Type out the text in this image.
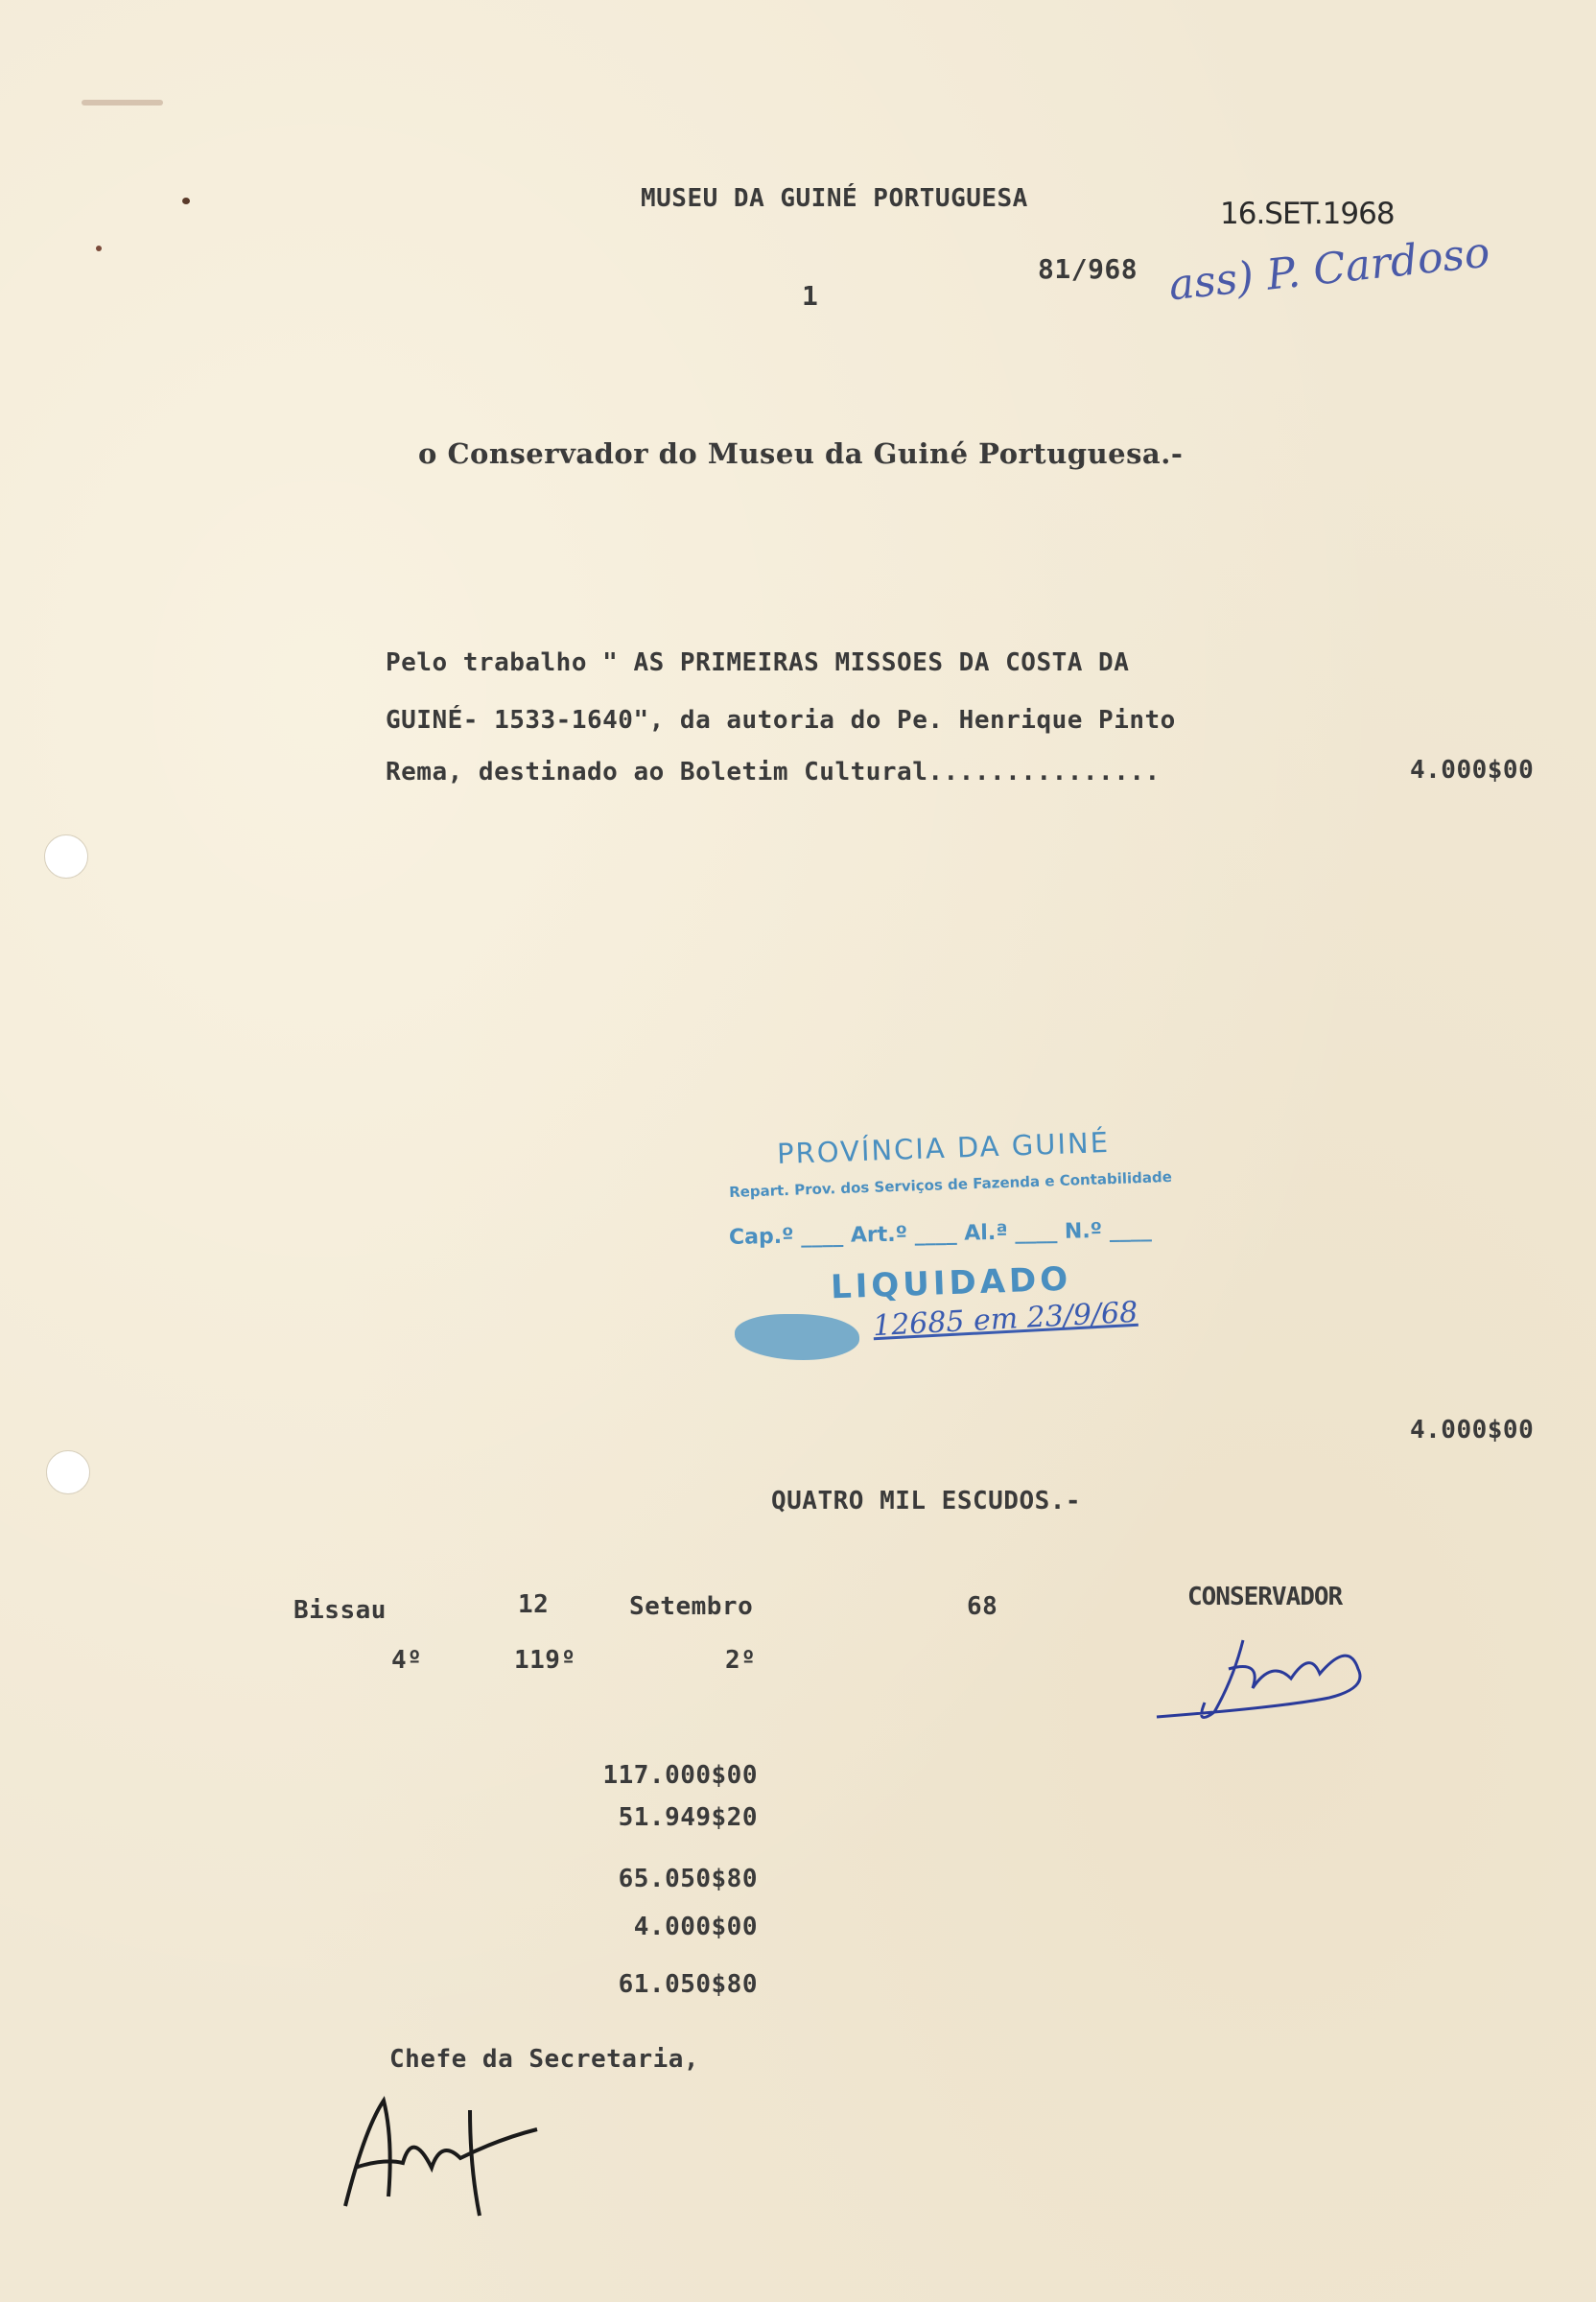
MUSEU DA GUINÉ PORTUGUESA	16.SET.1968
81/968 ass) P. Cardoso
1
o Conservador do Museu da Guiné Portuguesa.-
Pelo trabalho " AS PRIMEIRAS MISSOES DA COSTA DA
GUINÉ- 1533-1640", da autoria do Pe. Henrique Pinto
Rema, destinado ao Boletim Cultural...............	4.000$00
PROVÍNCIA DA GUINÉ
Repart. Prov. dos Serviços de Fazenda e Contabilidade
Cap.º ____ Art.º ____ Al.ª ____ N.º ____
LIQUIDADO
12685 em 23/9/68
4.000$00
QUATRO MIL ESCUDOS.-
Bissau	12	Setembro	68
4º	119º	2º
CONSERVADOR
117.000$00
51.949$20
65.050$80
4.000$00
61.050$80
Chefe da Secretaria,
